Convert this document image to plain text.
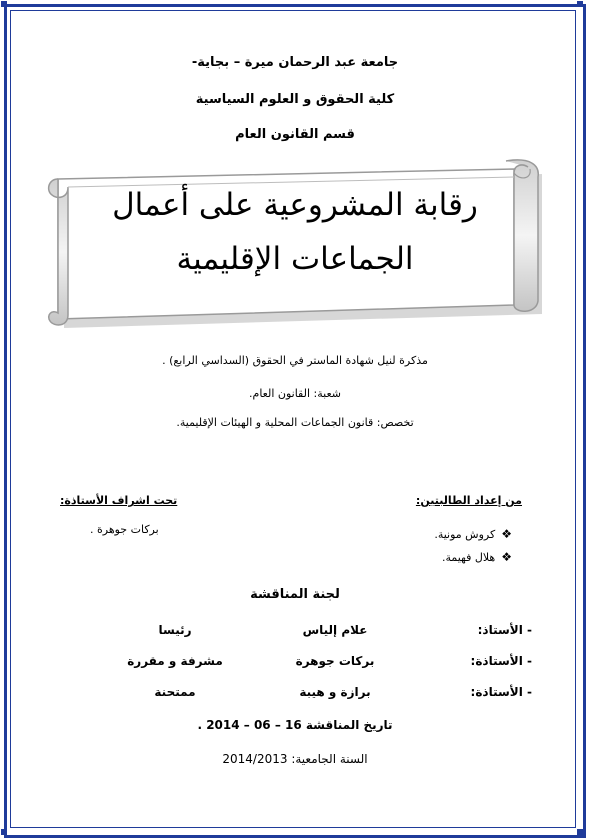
جامعة عبد الرحمان ميرة – بجاية-
كلية الحقوق و العلوم السياسية
قسم القانون العام
رقابة المشروعية على أعمال
الجماعات الإقليمية
مذكرة لنيل شهادة الماستر في الحقوق (السداسي الرابع) .
شعبة: القانون العام.
تخصص: قانون الجماعات المحلية و الهيئات الإقليمية.
من إعداد الطالبتين:
❖كروش مونية.
❖هلال فهيمة.
تحت اشراف الأستاذة:
بركات جوهرة .
لجنة المناقشة
- الأستاذ:
علام إلياس
رئيسا
- الأستاذة:
بركات جوهرة
مشرفة و مقررة
- الأستاذة:
برازة و هيبة
ممتحنة
تاريخ المناقشة 16 – 06 – 2014 .
السنة الجامعية: 2014/2013
